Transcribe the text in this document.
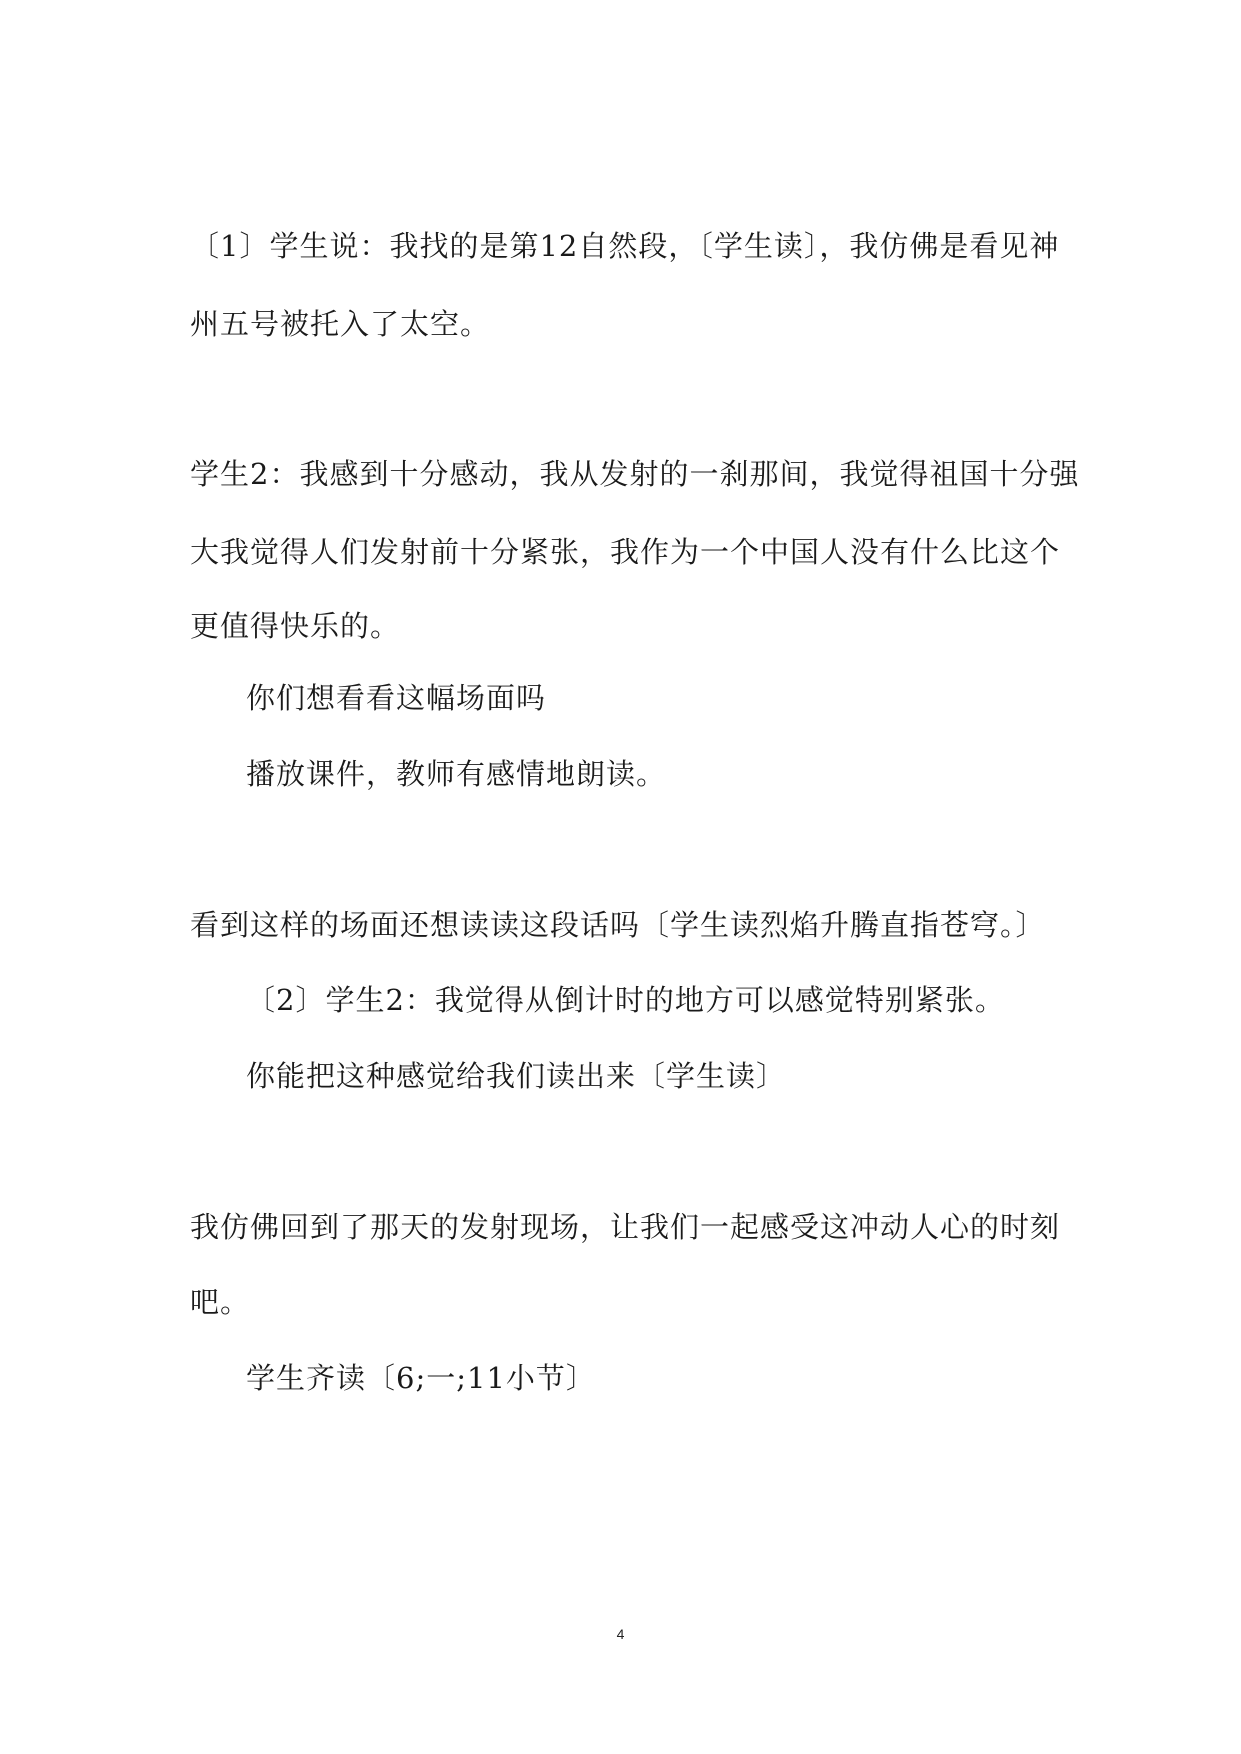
〔1〕学生说：我找的是第12自然段，〔学生读〕，我仿佛是看见神
州五号被托入了太空。
学生2：我感到十分感动，我从发射的一刹那间，我觉得祖国十分强
大我觉得人们发射前十分紧张，我作为一个中国人没有什么比这个
更值得快乐的。
你们想看看这幅场面吗
播放课件，教师有感情地朗读。
看到这样的场面还想读读这段话吗〔学生读烈焰升腾直指苍穹。〕
〔2〕学生2：我觉得从倒计时的地方可以感觉特别紧张。
你能把这种感觉给我们读出来〔学生读〕
我仿佛回到了那天的发射现场，让我们一起感受这冲动人心的时刻
吧。
学生齐读〔6;一;11小节〕
4
